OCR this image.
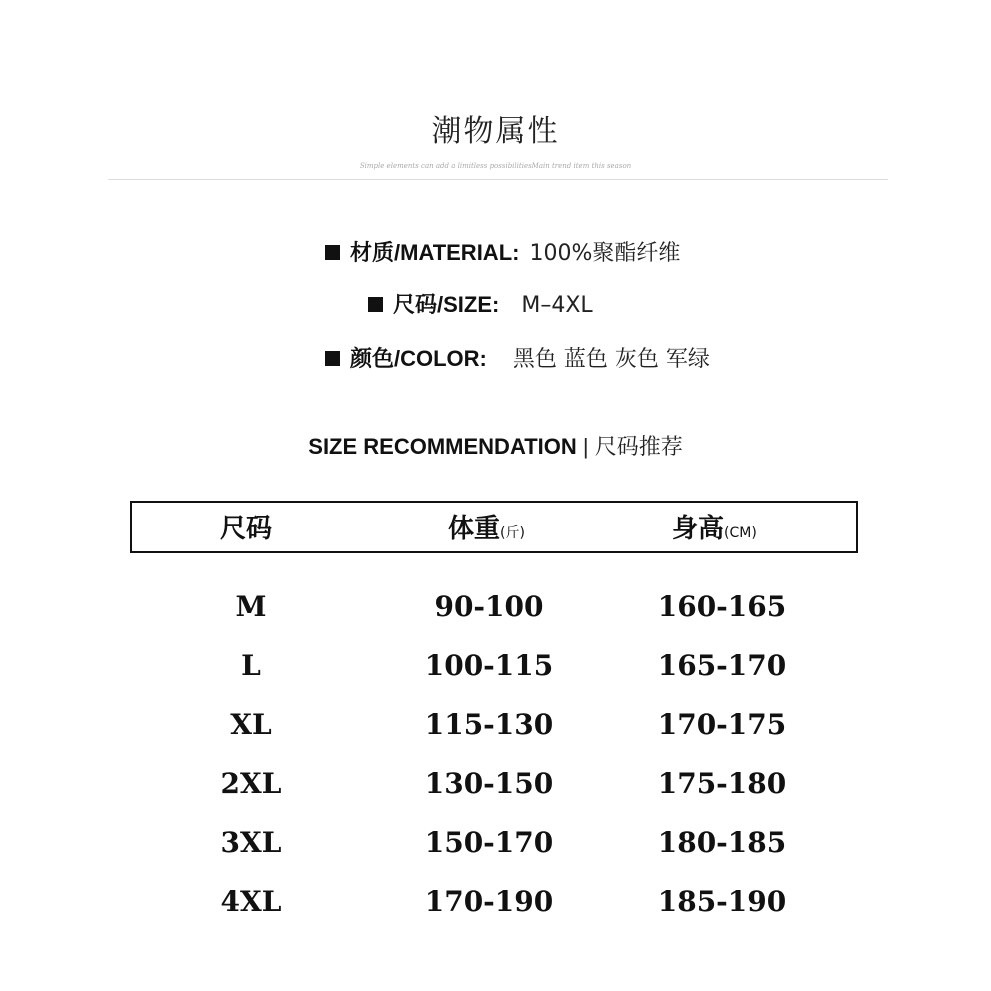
潮物属性
Simple elements can add a limitless possibilitiesMain trend item this season
材质/MATERIAL: 100%聚酯纤维
尺码/SIZE: M–4XL
颜色/COLOR: 黑色 蓝色 灰色 军绿
SIZE RECOMMENDATION | 尺码推荐
尺码	体重(斤)	身高(CM)
M	90-100	160-165
L	100-115	165-170
XL	115-130	170-175
2XL	130-150	175-180
3XL	150-170	180-185
4XL	170-190	185-190
